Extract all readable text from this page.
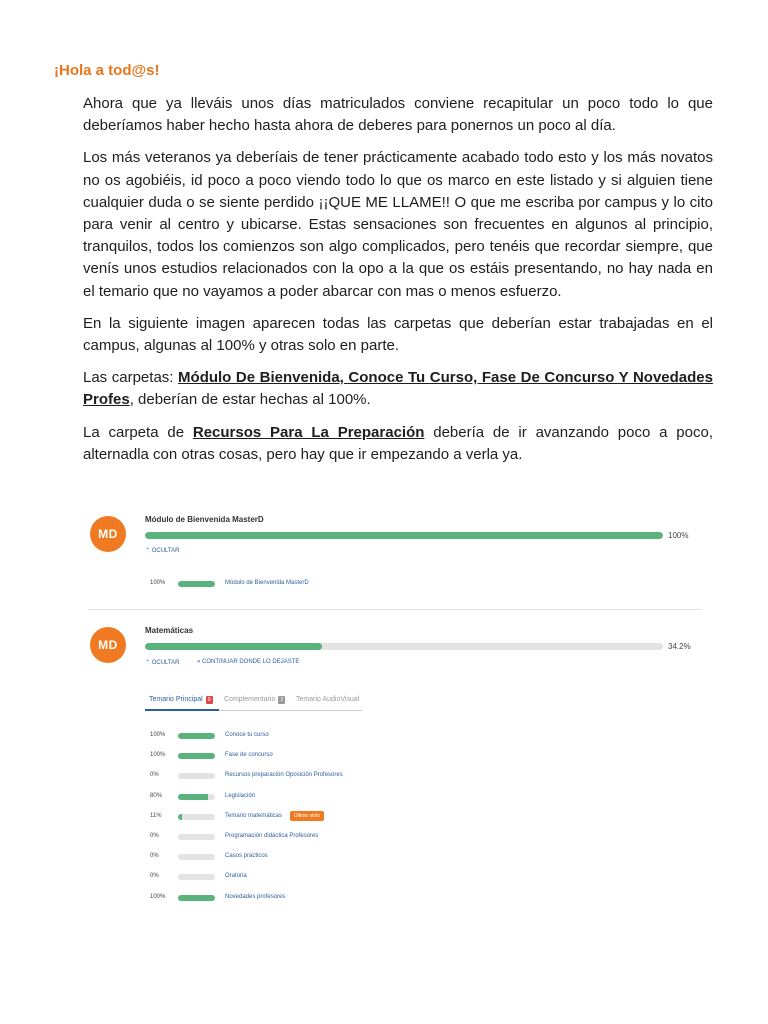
¡Hola a tod@s!

Ahora que ya lleváis unos días matriculados conviene recapitular un poco todo lo que deberíamos haber hecho hasta ahora de deberes para ponernos un poco al día.

Los más veteranos ya deberíais de tener prácticamente acabado todo esto y los más novatos no os agobiéis, id poco a poco viendo todo lo que os marco en este listado y si alguien tiene cualquier duda o se siente perdido ¡¡QUE ME LLAME!! O que me escriba por campus y lo cito para venir al centro y ubicarse. Estas sensaciones son frecuentes en algunos al principio, tranquilos, todos los comienzos son algo complicados, pero tenéis que recordar siempre, que venís unos estudios relacionados con la opo a la que os estáis presentando, no hay nada en el temario que no vayamos a poder abarcar con mas o menos esfuerzo.

En la siguiente imagen aparecen todas las carpetas que deberían estar trabajadas en el campus, algunas al 100% y otras solo en parte.

Las carpetas: Módulo De Bienvenida, Conoce Tu Curso, Fase De Concurso Y Novedades Profes, deberían de estar hechas al 100%.

La carpeta de Recursos Para La Preparación debería de ir avanzando poco a poco, alternadla con otras cosas, pero hay que ir empezando a verla ya.

MD
Módulo de Bienvenida MasterD
100%
⌃ OCULTAR
100%	Módulo de Bienvenida MasterD
MD
Matemáticas
34.2%
⌃ OCULTAR	» CONTINUAR DONDE LO DEJASTE
Temario Principal 9	Complementario 2	Temario AudioVisual
100%	Conoce tu curso
100%	Fase de concurso
0%	Recursos preparación Oposición Profesores
80%	Legislación
11%	Temario matemáticas Último visto
0%	Programación didáctica Profesores
0%	Casos prácticos
0%	Oratoria
100%	Novedades profesores
